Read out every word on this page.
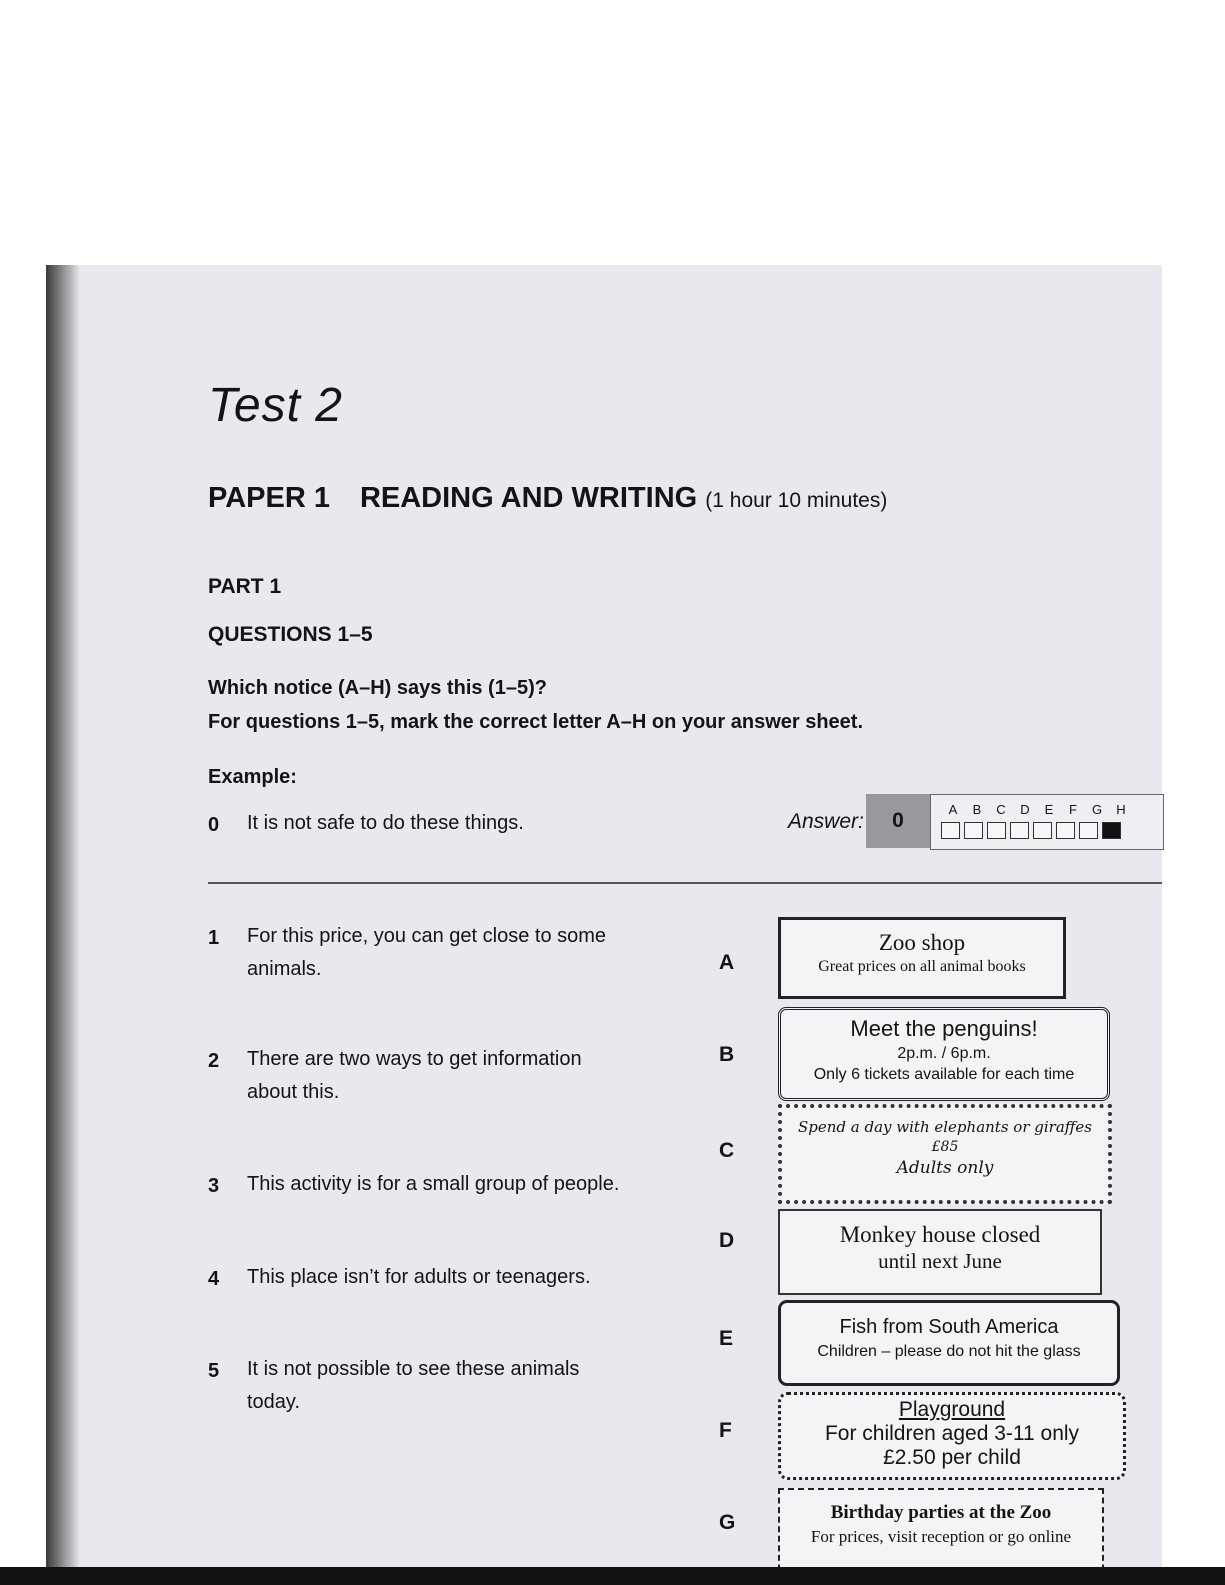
Test 2
PAPER 1 READING AND WRITING (1 hour 10 minutes)
PART 1
QUESTIONS 1–5
Which notice (A–H) says this (1–5)?
For questions 1–5, mark the correct letter A–H on your answer sheet.
Example:
0 It is not safe to do these things.	Answer:	0	A B C D E	F	G H
1 For this price, you can get close to some
animals.
2 There are two ways to get information
about this.
3 This activity is for a small group of people.
4 This place isn’t for adults or teenagers.
5 It is not possible to see these animals
today.
A
B
C
D
E
F
G
Zoo shop
Great prices on all animal books
Meet the penguins!
2p.m. / 6p.m.
Only 6 tickets available for each time
Spend a day with elephants or giraffes
£85
Adults only
Monkey house closed
until next June
Fish from South America
Children – please do not hit the glass
Playground
For children aged 3-11 only
£2.50 per child
Birthday parties at the Zoo
For prices, visit reception or go online
